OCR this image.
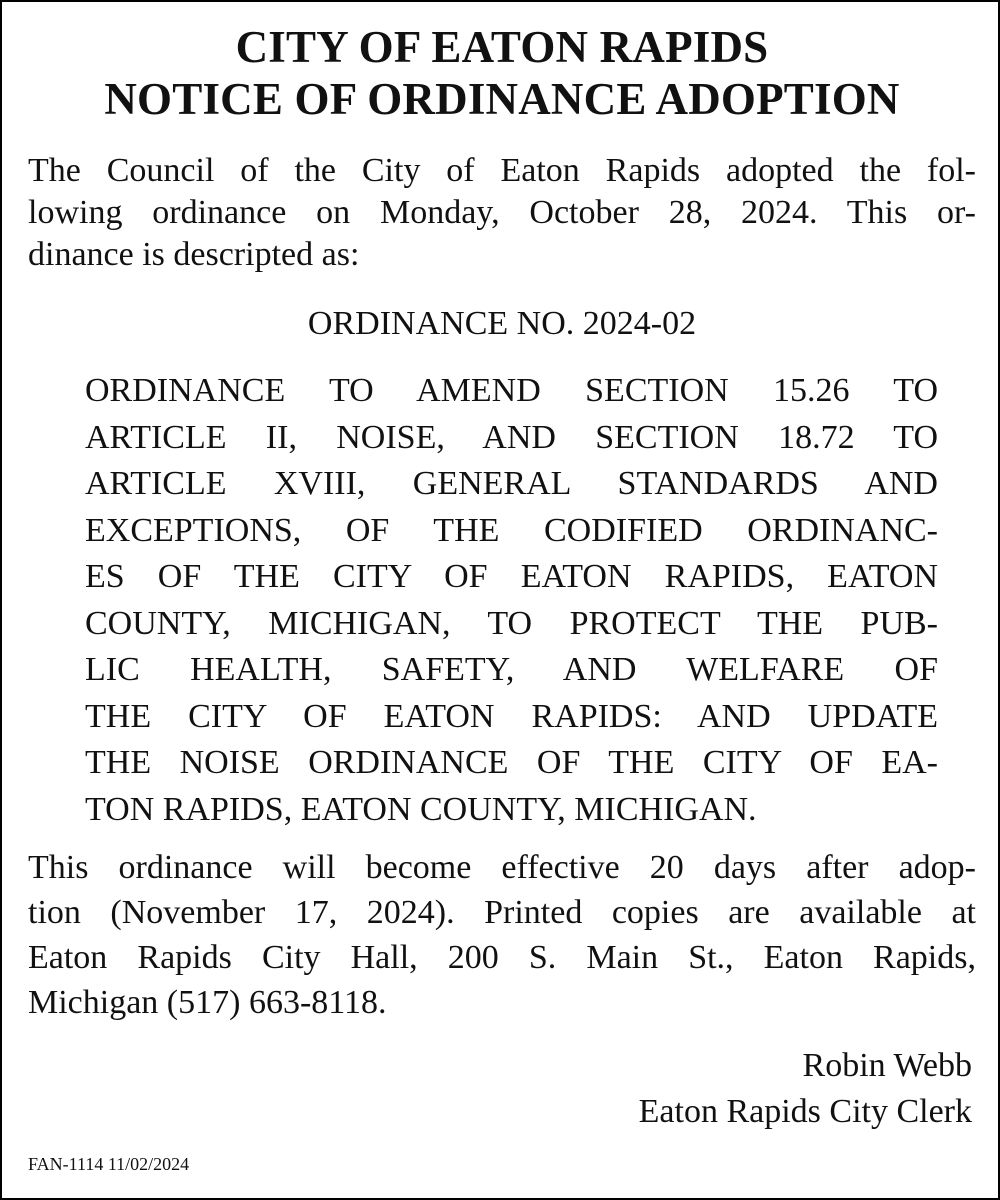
CITY OF EATON RAPIDS
NOTICE OF ORDINANCE ADOPTION

The Council of the City of Eaton Rapids adopted the fol-
lowing ordinance on Monday, October 28, 2024. This or-
dinance is descripted as:

ORDINANCE NO. 2024-02

ORDINANCE TO AMEND SECTION 15.26 TO
ARTICLE II, NOISE, AND SECTION 18.72 TO
ARTICLE XVIII, GENERAL STANDARDS AND
EXCEPTIONS, OF THE CODIFIED ORDINANC-
ES OF THE CITY OF EATON RAPIDS, EATON
COUNTY, MICHIGAN, TO PROTECT THE PUB-
LIC HEALTH, SAFETY, AND WELFARE OF
THE CITY OF EATON RAPIDS: AND UPDATE
THE NOISE ORDINANCE OF THE CITY OF EA-
TON RAPIDS, EATON COUNTY, MICHIGAN.

This ordinance will become effective 20 days after adop-
tion (November 17, 2024). Printed copies are available at
Eaton Rapids City Hall, 200 S. Main St., Eaton Rapids,
Michigan (517) 663-8118.

Robin Webb
Eaton Rapids City Clerk
FAN-1114 11/02/2024
